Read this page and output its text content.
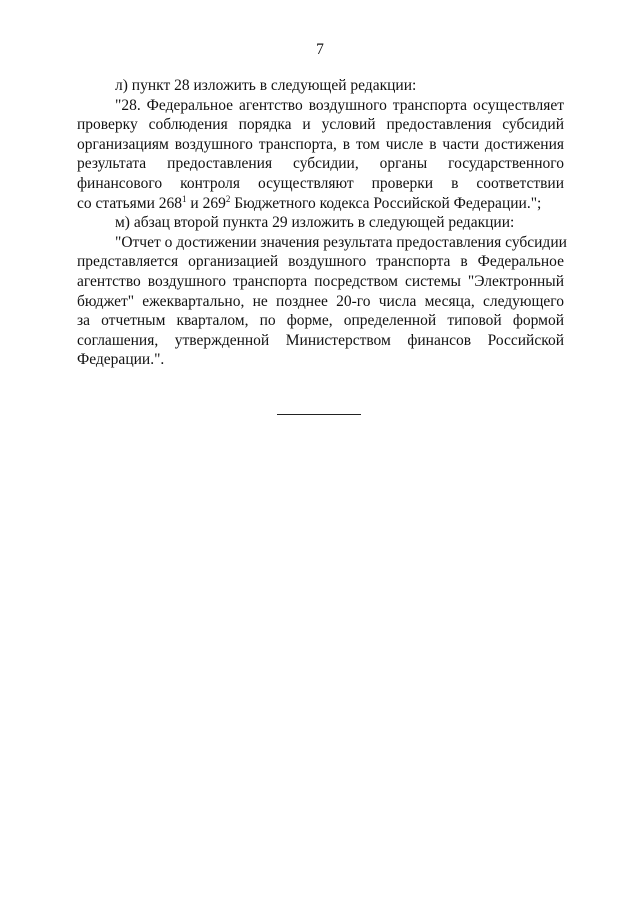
7
л) пункт 28 изложить в следующей редакции:
"28. Федеральное агентство воздушного транспорта осуществляет
проверку соблюдения порядка и условий предоставления субсидий
организациям воздушного транспорта, в том числе в части достижения
результата предоставления субсидии, органы государственного
финансового контроля осуществляют проверки в соответствии
со статьями $268^1$ и $269^2$ Бюджетного кодекса Российской Федерации.";
м) абзац второй пункта 29 изложить в следующей редакции:
"Отчет о достижении значения результата предоставления субсидии
представляется организацией воздушного транспорта в Федеральное
агентство воздушного транспорта посредством системы "Электронный
бюджет" ежеквартально, не позднее 20-го числа месяца, следующего
за отчетным кварталом, по форме, определенной типовой формой
соглашения, утвержденной Министерством финансов Российской
Федерации.".
